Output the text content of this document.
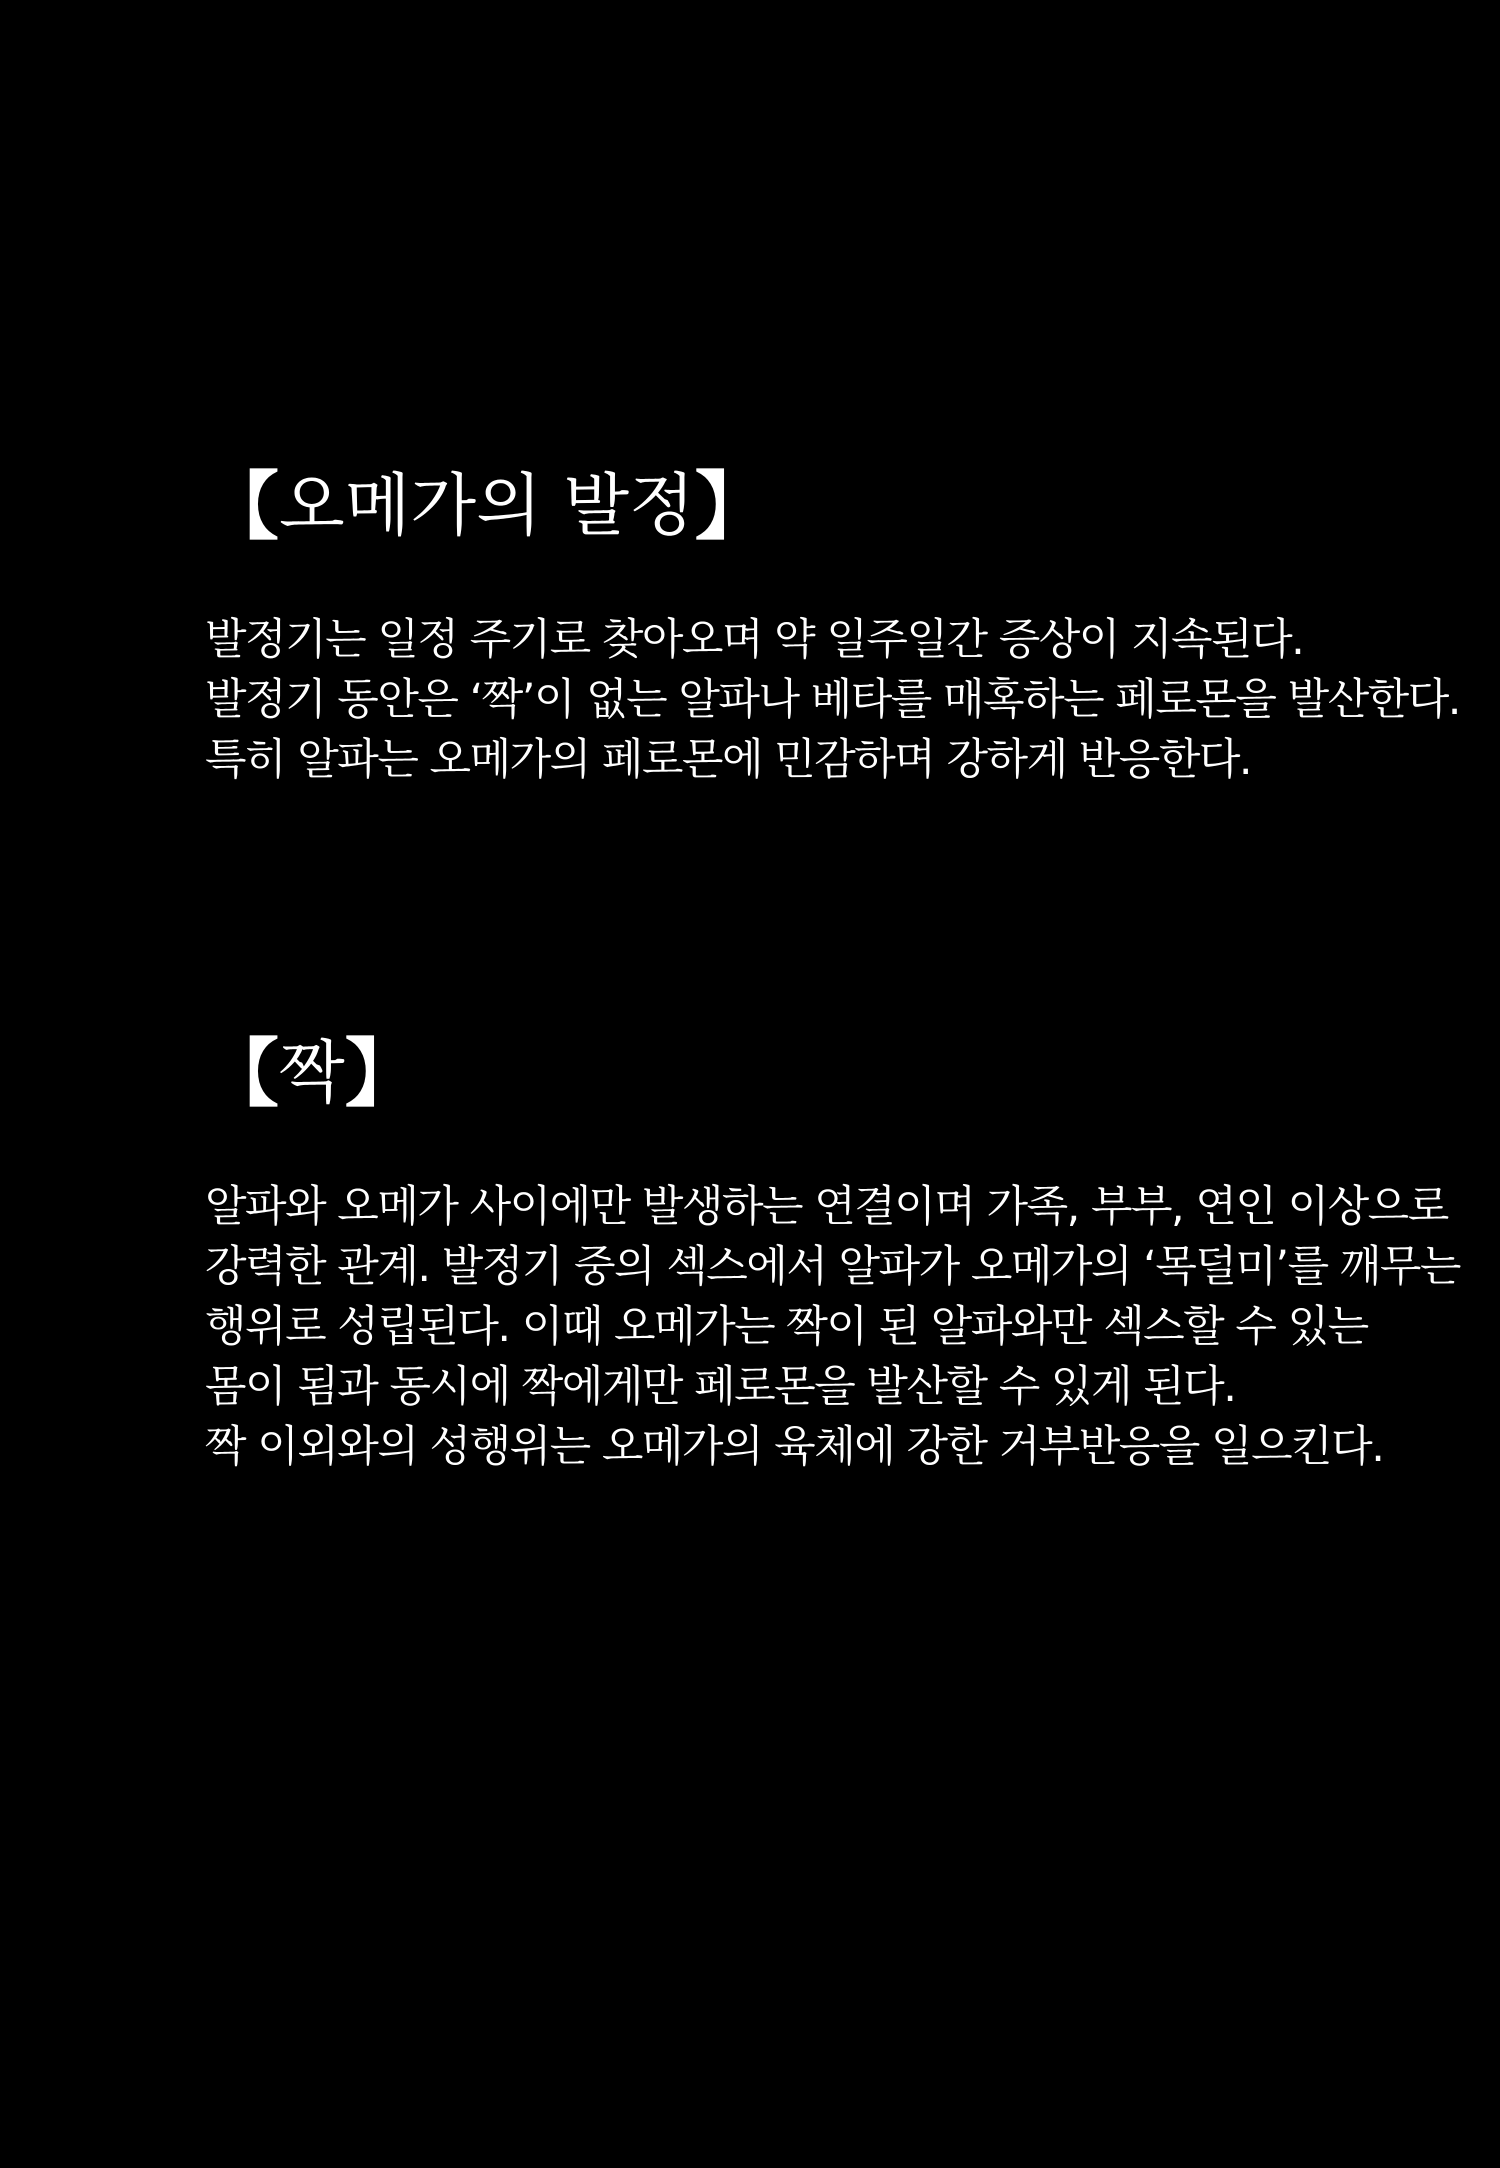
【 오메가의 발정 】
발정기는 일정 주기로 찾아오며 약 일주일간 증상이 지속된다.
발정기 동안은 ‘짝’이 없는 알파나 베타를 매혹하는 페로몬을 발산한다.
특히 알파는 오메가의 페로몬에 민감하며 강하게 반응한다.
【 짝 】
알파와 오메가 사이에만 발생하는 연결이며 가족, 부부, 연인 이상으로
강력한 관계. 발정기 중의 섹스에서 알파가 오메가의 ‘목덜미’를 깨무는
행위로 성립된다. 이때 오메가는 짝이 된 알파와만 섹스할 수 있는
몸이 됨과 동시에 짝에게만 페로몬을 발산할 수 있게 된다.
짝 이외와의 성행위는 오메가의 육체에 강한 거부반응을 일으킨다.
